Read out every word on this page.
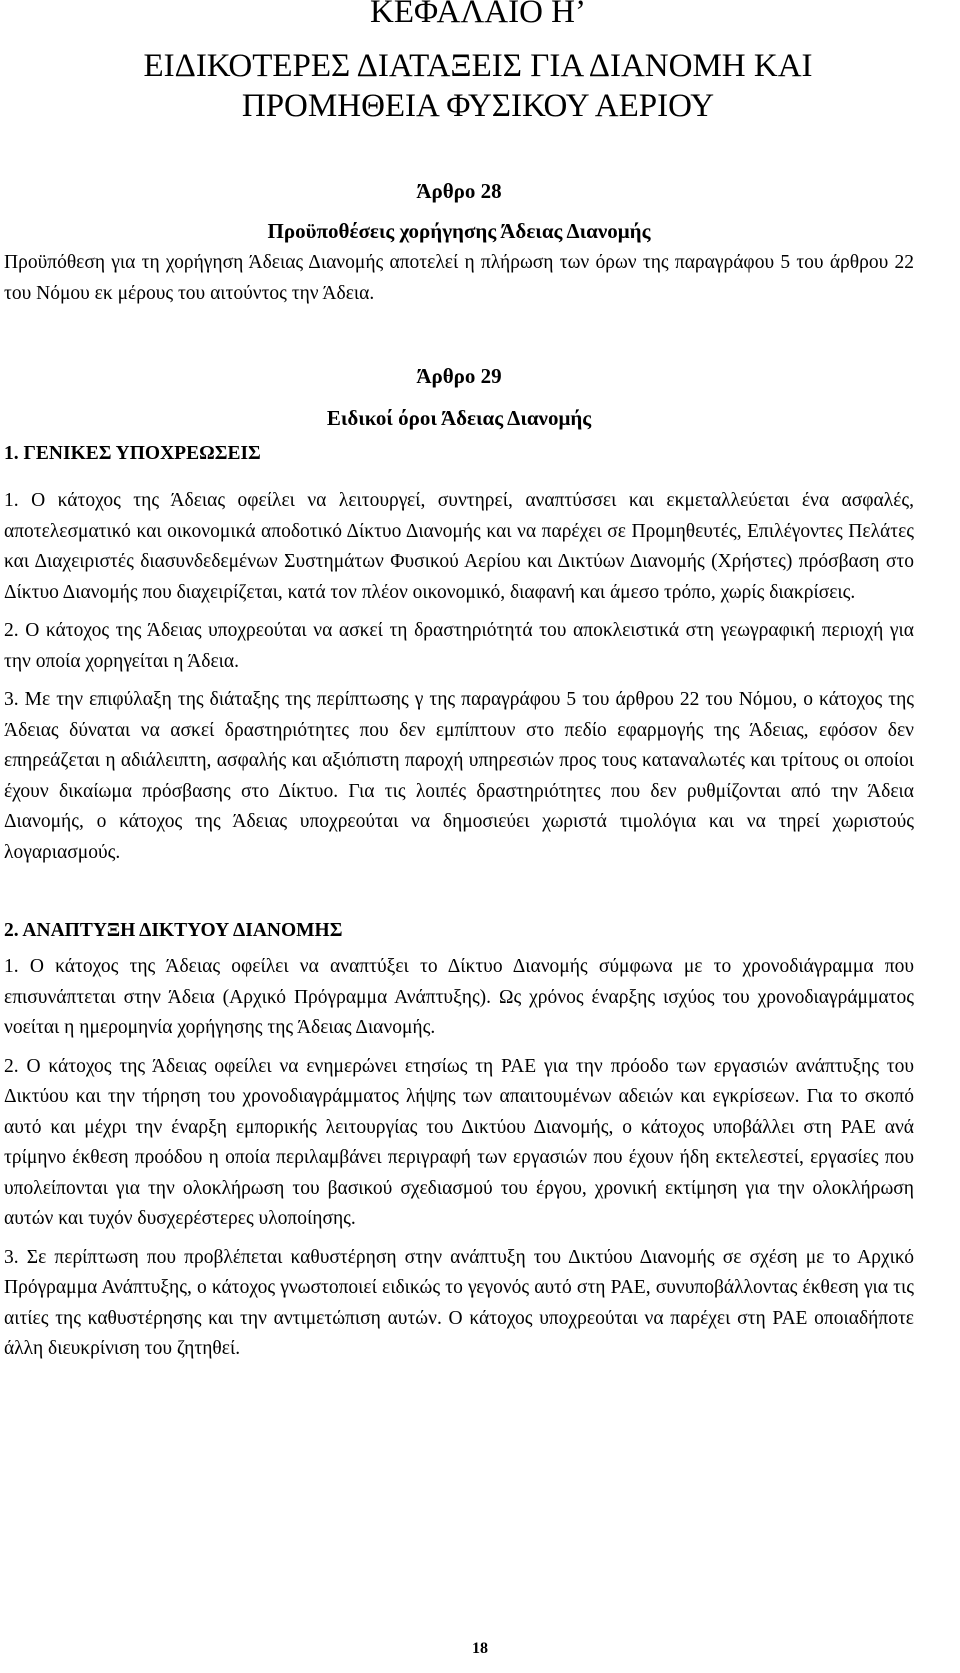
ΚΕΦΑΛΑΙΟ Η’
ΕΙΔΙΚΟΤΕΡΕΣ ΔΙΑΤΑΞΕΙΣ ΓΙΑ ΔΙΑΝΟΜΗ ΚΑΙ
ΠΡΟΜΗΘΕΙΑ ΦΥΣΙΚΟΥ ΑΕΡΙΟΥ
Άρθρο 28
Προϋποθέσεις χορήγησης Άδειας Διανομής

Προϋπόθεση για τη χορήγηση Άδειας Διανομής αποτελεί η πλήρωση των όρων της παραγράφου 5 του άρθρου 22 του Νόμου εκ μέρους του αιτούντος την Άδεια.

Άρθρο 29
Ειδικοί όροι Άδειας Διανομής
1. ΓΕΝΙΚΕΣ ΥΠΟΧΡΕΩΣΕΙΣ

1. Ο κάτοχος της Άδειας οφείλει να λειτουργεί, συντηρεί, αναπτύσσει και εκμεταλλεύεται ένα ασφαλές, αποτελεσματικό και οικονομικά αποδοτικό Δίκτυο Διανομής και να παρέχει σε Προμηθευτές, Επιλέγοντες Πελάτες και Διαχειριστές διασυνδεδεμένων Συστημάτων Φυσικού Αερίου και Δικτύων Διανομής (Χρήστες) πρόσβαση στο Δίκτυο Διανομής που διαχειρίζεται, κατά τον πλέον οικονομικό, διαφανή και άμεσο τρόπο, χωρίς διακρίσεις.

2. Ο κάτοχος της Άδειας υποχρεούται να ασκεί τη δραστηριότητά του αποκλειστικά στη γεωγραφική περιοχή για την οποία χορηγείται η Άδεια.

3. Με την επιφύλαξη της διάταξης της περίπτωσης γ της παραγράφου 5 του άρθρου 22 του Νόμου, ο κάτοχος της Άδειας δύναται να ασκεί δραστηριότητες που δεν εμπίπτουν στο πεδίο εφαρμογής της Άδειας, εφόσον δεν επηρεάζεται η αδιάλειπτη, ασφαλής και αξιόπιστη παροχή υπηρεσιών προς τους καταναλωτές και τρίτους οι οποίοι έχουν δικαίωμα πρόσβασης στο Δίκτυο. Για τις λοιπές δραστηριότητες που δεν ρυθμίζονται από την Άδεια Διανομής, ο κάτοχος της Άδειας υποχρεούται να δημοσιεύει χωριστά τιμολόγια και να τηρεί χωριστούς λογαριασμούς.

2. ΑΝΑΠΤΥΞΗ ΔΙΚΤΥΟΥ ΔΙΑΝΟΜΗΣ

1. Ο κάτοχος της Άδειας οφείλει να αναπτύξει το Δίκτυο Διανομής σύμφωνα με το χρονοδιάγραμμα που επισυνάπτεται στην Άδεια (Αρχικό Πρόγραμμα Ανάπτυξης). Ως χρόνος έναρξης ισχύος του χρονοδιαγράμματος νοείται η ημερομηνία χορήγησης της Άδειας Διανομής.

2. Ο κάτοχος της Άδειας οφείλει να ενημερώνει ετησίως τη ΡΑΕ για την πρόοδο των εργασιών ανάπτυξης του Δικτύου και την τήρηση του χρονοδιαγράμματος λήψης των απαιτουμένων αδειών και εγκρίσεων. Για το σκοπό αυτό και μέχρι την έναρξη εμπορικής λειτουργίας του Δικτύου Διανομής, ο κάτοχος υποβάλλει στη ΡΑΕ ανά τρίμηνο έκθεση προόδου η οποία περιλαμβάνει περιγραφή των εργασιών που έχουν ήδη εκτελεστεί, εργασίες που υπολείπονται για την ολοκλήρωση του βασικού σχεδιασμού του έργου, χρονική εκτίμηση για την ολοκλήρωση αυτών και τυχόν δυσχερέστερες υλοποίησης.

3. Σε περίπτωση που προβλέπεται καθυστέρηση στην ανάπτυξη του Δικτύου Διανομής σε σχέση με το Αρχικό Πρόγραμμα Ανάπτυξης, ο κάτοχος γνωστοποιεί ειδικώς το γεγονός αυτό στη ΡΑΕ, συνυποβάλλοντας έκθεση για τις αιτίες της καθυστέρησης και την αντιμετώπιση αυτών. Ο κάτοχος υποχρεούται να παρέχει στη ΡΑΕ οποιαδήποτε άλλη διευκρίνιση του ζητηθεί.

18
